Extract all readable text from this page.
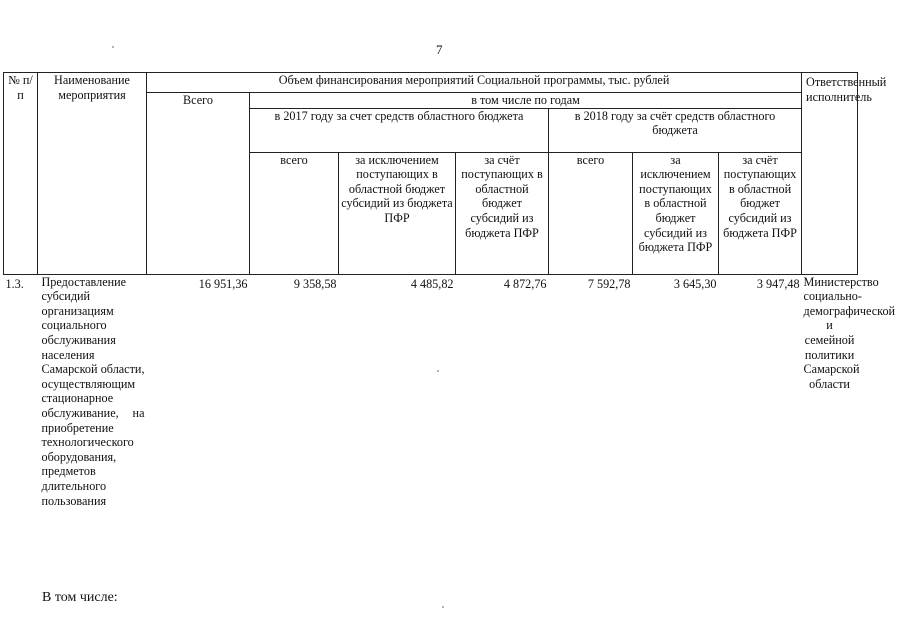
7
№ п/п	Наименование мероприятия	Объем финансирования мероприятий Социальной программы, тыс. рублей							Ответственный исполнитель
		Всего	в том числе по годам						
			в 2017 году за счет средств областного бюджета			в 2018 году за счёт средств областного бюджета			
			всего	за исключением поступающих в областной бюджет субсидий из бюджета ПФР	за счёт поступающих в областной бюджет субсидий из бюджета ПФР	всего	за исключением поступающих в областной бюджет субсидий из бюджета ПФР	за счёт поступающих в областной бюджет субсидий из бюджета ПФР	
1.3.	Предоставление субсидий организациям социального обслуживания населения Самарской области, осуществляющим стационарное обслуживание, на приобретение технологического оборудования, предметов длительного пользования	16 951,36	9 358,58	4 485,82	4 872,76	7 592,78	3 645,30	3 947,48	Министерство социально-демографической и семейной политики Самарской области
В том числе:
